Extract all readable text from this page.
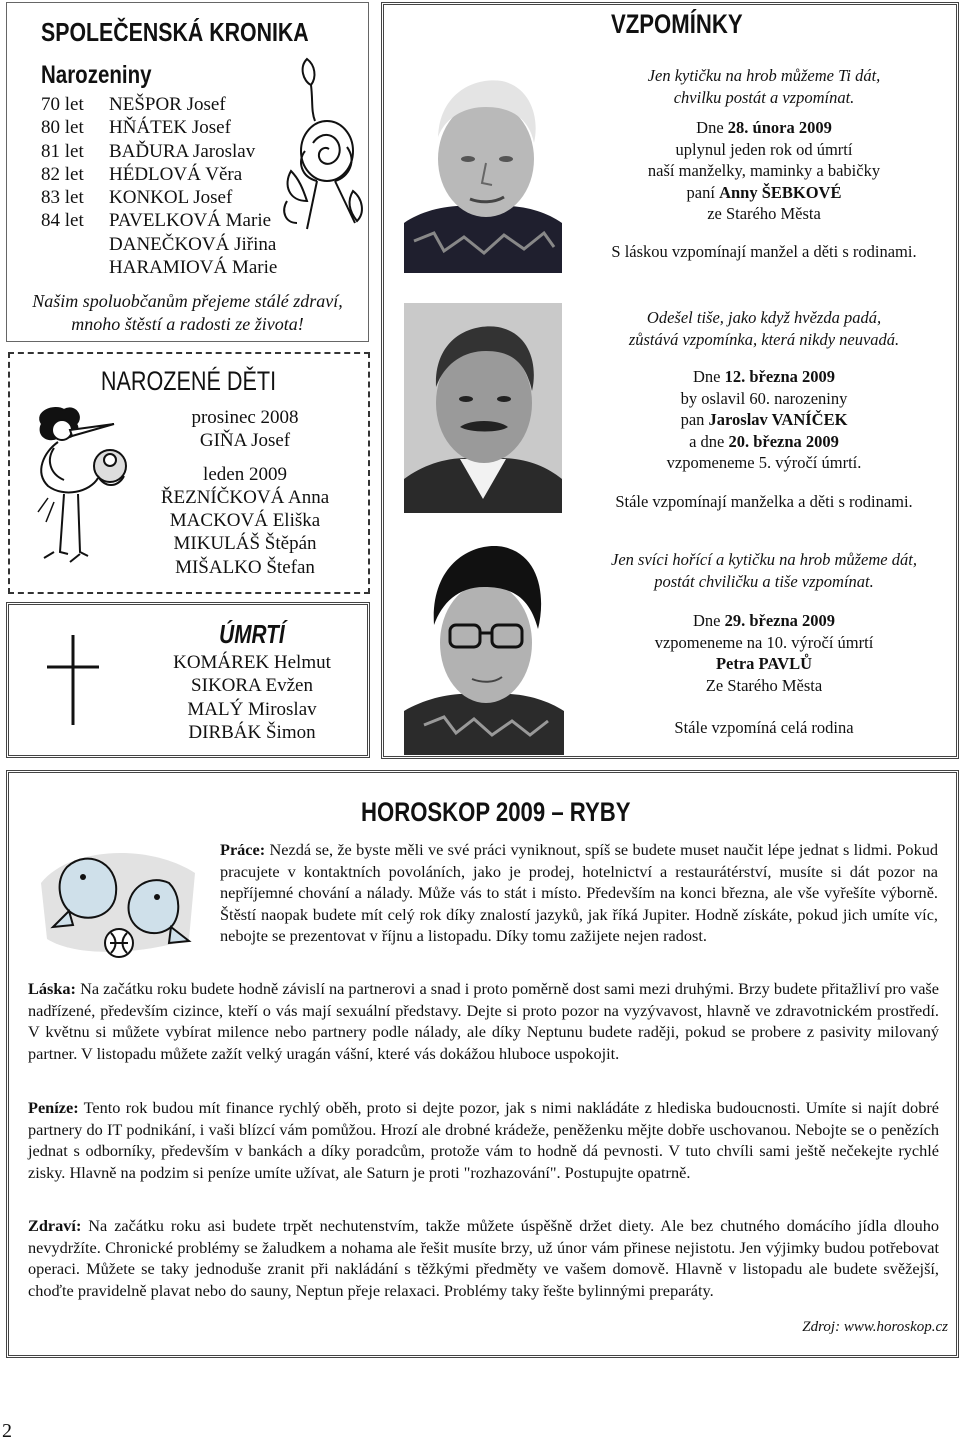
SPOLEČENSKÁ KRONIKA
Narozeniny
70 let	NEŠPOR Josef
80 let	HŇÁTEK Josef
81 let	BAĎURA Jaroslav
82 let	HÉDLOVÁ Věra
83 let	KONKOL Josef
84 let	PAVELKOVÁ Marie
DANEČKOVÁ Jiřina
HARAMIOVÁ Marie
Našim spoluobčanům přejeme stálé zdraví,
mnoho štěstí a radosti ze života!
NAROZENÉ DĚTI
prosinec 2008
GIŇA Josef
leden 2009
ŘEZNÍČKOVÁ Anna
MACKOVÁ Eliška
MIKULÁŠ Štěpán
MIŠALKO Štefan
ÚMRTÍ
KOMÁREK Helmut
SIKORA Evžen
MALÝ Miroslav
DIRBÁK Šimon
VZPOMÍNKY
Jen kytičku na hrob můžeme Ti dát,
chvilku postát a vzpomínat.
Dne 28. února 2009
uplynul jeden rok od úmrtí
naší manželky, maminky a babičky
paní Anny ŠEBKOVÉ
ze Starého Města
S láskou vzpomínají manžel a děti s rodinami.
Odešel tiše, jako když hvězda padá,
zůstává vzpomínka, která nikdy neuvadá.
Dne 12. března 2009
by oslavil 60. narozeniny
pan Jaroslav VANÍČEK
a dne 20. března 2009
vzpomeneme 5. výročí úmrtí.
Stále vzpomínají manželka a děti s rodinami.
Jen svíci hořící a kytičku na hrob můžeme dát,
postát chviličku a tiše vzpomínat.
Dne 29. března 2009
vzpomeneme na 10. výročí úmrtí
Petra PAVLŮ
Ze Starého Města
Stále vzpomíná celá rodina
HOROSKOP 2009 – RYBY
Práce: Nezdá se, že byste měli ve své práci vyniknout, spíš se budete muset naučit lépe jednat s lidmi. Pokud pracujete v kontaktních povoláních, jako je prodej, hotelnictví a restaurátérství, musíte si dát pozor na nepříjemné chování a nálady. Může vás to stát i místo. Především na konci března, ale vše vyřešíte výborně. Štěstí naopak budete mít celý rok díky znalostí jazyků, jak říká Jupiter. Hodně získáte, pokud jich umíte víc, nebojte se prezentovat v říjnu a listopadu. Díky tomu zažijete nejen radost.
Láska: Na začátku roku budete hodně závislí na partnerovi a snad i proto poměrně dost sami mezi druhými. Brzy budete přitažliví pro vaše nadřízené, především cizince, kteří o vás mají sexuální představy. Dejte si proto pozor na vyzývavost, hlavně ve zdravotnickém prostředí. V květnu si můžete vybírat milence nebo partnery podle nálady, ale díky Neptunu budete raději, pokud se probere z pasivity milovaný partner. V listopadu můžete zažít velký uragán vášní, které vás dokážou hluboce uspokojit.
Peníze: Tento rok budou mít finance rychlý oběh, proto si dejte pozor, jak s nimi nakládáte z hlediska budoucnosti. Umíte si najít dobré partnery do IT podnikání, i vaši blízcí vám pomůžou. Hrozí ale drobné krádeže, peněženku mějte dobře uschovanou. Nebojte se o penězích jednat s odborníky, především v bankách a díky poradcům, protože vám to hodně dá pevnosti. V tuto chvíli sami ještě nečekejte rychlé zisky. Hlavně na podzim si peníze umíte užívat, ale Saturn je proti "rozhazování". Postupujte opatrně.
Zdraví: Na začátku roku asi budete trpět nechutenstvím, takže můžete úspěšně držet diety. Ale bez chutného domácího jídla dlouho nevydržíte. Chronické problémy se žaludkem a nohama ale řešit musíte brzy, už únor vám přinese nejistotu. Jen výjimky budou potřebovat operaci. Můžete se taky jednoduše zranit při nakládání s těžkými předměty ve vašem domově. Hlavně v listopadu ale budete svěžejší, choďte pravidelně plavat nebo do sauny, Neptun přeje relaxaci. Problémy taky řešte bylinnými preparáty.
Zdroj: www.horoskop.cz
2
